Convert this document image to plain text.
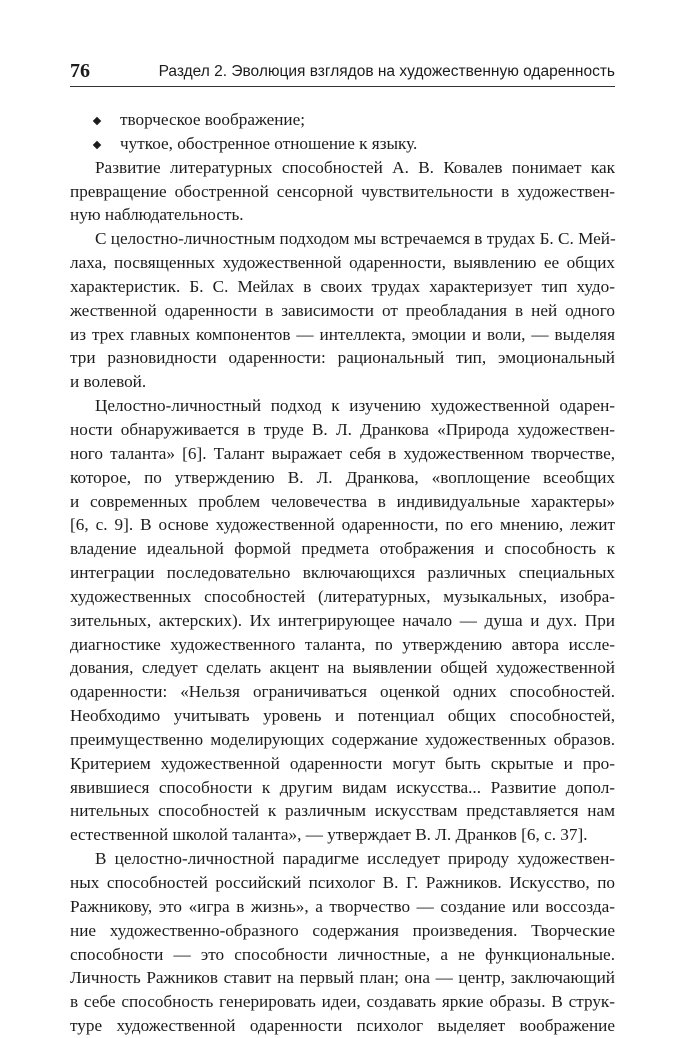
76	Раздел 2. Эволюция взглядов на художественную одаренность
творческое воображение;
чуткое, обостренное отношение к языку.

Развитие литературных способностей А. В. Ковалев понимает как
превращение обостренной сенсорной чувствительности в художествен-
ную наблюдательность.

С целостно-личностным подходом мы встречаемся в трудах Б. С. Мей-
лаха, посвященных художественной одаренности, выявлению ее общих
характеристик. Б. С. Мейлах в своих трудах характеризует тип худо-
жественной одаренности в зависимости от преобладания в ней одного
из трех главных компонентов — интеллекта, эмоции и воли, — выделяя
три разновидности одаренности: рациональный тип, эмоциональный
и волевой.

Целостно-личностный подход к изучению художественной одарен-
ности обнаруживается в труде В. Л. Дранкова «Природа художествен-
ного таланта» [6]. Талант выражает себя в художественном творчестве,
которое, по утверждению В. Л. Дранкова, «воплощение всеобщих
и современных проблем человечества в индивидуальные характеры»
[6, с. 9]. В основе художественной одаренности, по его мнению, лежит
владение идеальной формой предмета отображения и способность к
интеграции последовательно включающихся различных специальных
художественных способностей (литературных, музыкальных, изобра-
зительных, актерских). Их интегрирующее начало — душа и дух. При
диагностике художественного таланта, по утверждению автора иссле-
дования, следует сделать акцент на выявлении общей художественной
одаренности: «Нельзя ограничиваться оценкой одних способностей.
Необходимо учитывать уровень и потенциал общих способностей,
преимущественно моделирующих содержание художественных образов.
Критерием художественной одаренности могут быть скрытые и про-
явившиеся способности к другим видам искусства... Развитие допол-
нительных способностей к различным искусствам представляется нам
естественной школой таланта», — утверждает В. Л. Дранков [6, с. 37].

В целостно-личностной парадигме исследует природу художествен-
ных способностей российский психолог В. Г. Ражников. Искусство, по
Ражникову, это «игра в жизнь», а творчество — создание или воссозда-
ние художественно-образного содержания произведения. Творческие
способности — это способности личностные, а не функциональные.
Личность Ражников ставит на первый план; она — центр, заключающий
в себе способность генерировать идеи, создавать яркие образы. В струк-
туре художественной одаренности психолог выделяет воображение
